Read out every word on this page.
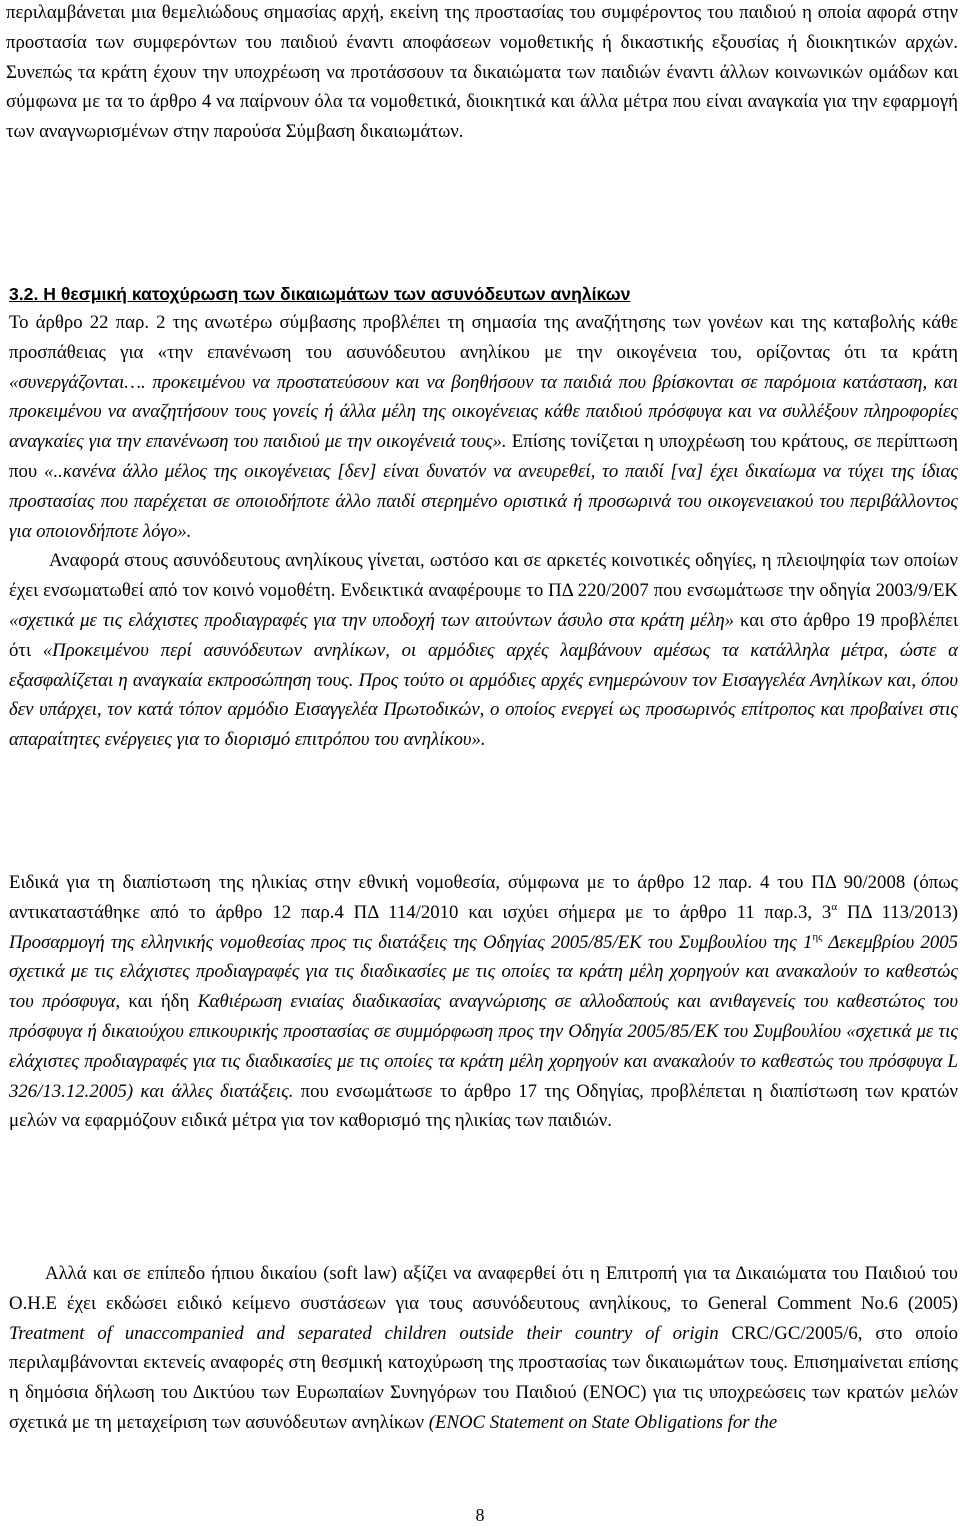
περιλαμβάνεται μια θεμελιώδους σημασίας αρχή, εκείνη της προστασίας του συμφέροντος του παιδιού η οποία αφορά στην προστασία των συμφερόντων του παιδιού έναντι αποφάσεων νομοθετικής ή δικαστικής εξουσίας ή διοικητικών αρχών. Συνεπώς τα κράτη έχουν την υποχρέωση να προτάσσουν τα δικαιώματα των παιδιών έναντι άλλων κοινωνικών ομάδων και σύμφωνα με τα το άρθρο 4 να παίρνουν όλα τα νομοθετικά, διοικητικά και άλλα μέτρα που είναι αναγκαία για την εφαρμογή των αναγνωρισμένων στην παρούσα Σύμβαση δικαιωμάτων.

3.2. Η θεσμική κατοχύρωση των δικαιωμάτων των ασυνόδευτων ανηλίκων
Το άρθρο 22 παρ. 2 της ανωτέρω σύμβασης προβλέπει τη σημασία της αναζήτησης των γονέων και της καταβολής κάθε προσπάθειας για «την επανένωση του ασυνόδευτου ανηλίκου με την οικογένεια του, ορίζοντας ότι τα κράτη «συνεργάζονται…. προκειμένου να προστατεύσουν και να βοηθήσουν τα παιδιά που βρίσκονται σε παρόμοια κατάσταση, και προκειμένου να αναζητήσουν τους γονείς ή άλλα μέλη της οικογένειας κάθε παιδιού πρόσφυγα και να συλλέξουν πληροφορίες αναγκαίες για την επανένωση του παιδιού με την οικογένειά τους». Επίσης τονίζεται η υποχρέωση του κράτους, σε περίπτωση που «..κανένα άλλο μέλος της οικογένειας [δεν] είναι δυνατόν να ανευρεθεί, το παιδί [να] έχει δικαίωμα να τύχει της ίδιας προστασίας που παρέχεται σε οποιοδήποτε άλλο παιδί στερημένο οριστικά ή προσωρινά του οικογενειακού του περιβάλλοντος για οποιονδήποτε λόγο».
Αναφορά στους ασυνόδευτους ανηλίκους γίνεται, ωστόσο και σε αρκετές κοινοτικές οδηγίες, η πλειοψηφία των οποίων έχει ενσωματωθεί από τον κοινό νομοθέτη. Ενδεικτικά αναφέρουμε το ΠΔ 220/2007 που ενσωμάτωσε την οδηγία 2003/9/ΕΚ «σχετικά με τις ελάχιστες προδιαγραφές για την υποδοχή των αιτούντων άσυλο στα κράτη μέλη» και στο άρθρο 19 προβλέπει ότι «Προκειμένου περί ασυνόδευτων ανηλίκων, οι αρμόδιες αρχές λαμβάνουν αμέσως τα κατάλληλα μέτρα, ώστε α εξασφαλίζεται η αναγκαία εκπροσώπηση τους. Προς τούτο οι αρμόδιες αρχές ενημερώνουν τον Εισαγγελέα Ανηλίκων και, όπου δεν υπάρχει, τον κατά τόπον αρμόδιο Εισαγγελέα Πρωτοδικών, ο οποίος ενεργεί ως προσωρινός επίτροπος και προβαίνει στις απαραίτητες ενέργειες για το διορισμό επιτρόπου του ανηλίκου».
Ειδικά για τη διαπίστωση της ηλικίας στην εθνική νομοθεσία, σύμφωνα με το άρθρο 12 παρ. 4 του ΠΔ 90/2008 (όπως αντικαταστάθηκε από το άρθρο 12 παρ.4 ΠΔ 114/2010 και ισχύει σήμερα με το άρθρο 11 παρ.3, $3^\alpha$ ΠΔ 113/2013) Προσαρμογή της ελληνικής νομοθεσίας προς τις διατάξεις της Οδηγίας 2005/85/ΕΚ του Συμβουλίου της $1^{\eta\varsigma}$ Δεκεμβρίου 2005 σχετικά με τις ελάχιστες προδιαγραφές για τις διαδικασίες με τις οποίες τα κράτη μέλη χορηγούν και ανακαλούν το καθεστώς του πρόσφυγα, και ήδη Καθιέρωση ενιαίας διαδικασίας αναγνώρισης σε αλλοδαπούς και ανιθαγενείς του καθεστώτος του πρόσφυγα ή δικαιούχου επικουρικής προστασίας σε συμμόρφωση προς την Οδηγία 2005/85/ΕΚ του Συμβουλίου «σχετικά με τις ελάχιστες προδιαγραφές για τις διαδικασίες με τις οποίες τα κράτη μέλη χορηγούν και ανακαλούν το καθεστώς του πρόσφυγα L 326/13.12.2005) και άλλες διατάξεις. που ενσωμάτωσε το άρθρο 17 της Οδηγίας, προβλέπεται η διαπίστωση των κρατών μελών να εφαρμόζουν ειδικά μέτρα για τον καθορισμό της ηλικίας των παιδιών.
Αλλά και σε επίπεδο ήπιου δικαίου (soft law) αξίζει να αναφερθεί ότι η Επιτροπή για τα Δικαιώματα του Παιδιού του Ο.Η.Ε έχει εκδώσει ειδικό κείμενο συστάσεων για τους ασυνόδευτους ανηλίκους, το General Comment No.6 (2005) Treatment of unaccompanied and separated children outside their country of origin CRC/GC/2005/6, στο οποίο περιλαμβάνονται εκτενείς αναφορές στη θεσμική κατοχύρωση της προστασίας των δικαιωμάτων τους. Επισημαίνεται επίσης η δημόσια δήλωση του Δικτύου των Ευρωπαίων Συνηγόρων του Παιδιού (ENOC) για τις υποχρεώσεις των κρατών μελών σχετικά με τη μεταχείριση των ασυνόδευτων ανηλίκων (ENOC Statement on State Obligations for the
8
